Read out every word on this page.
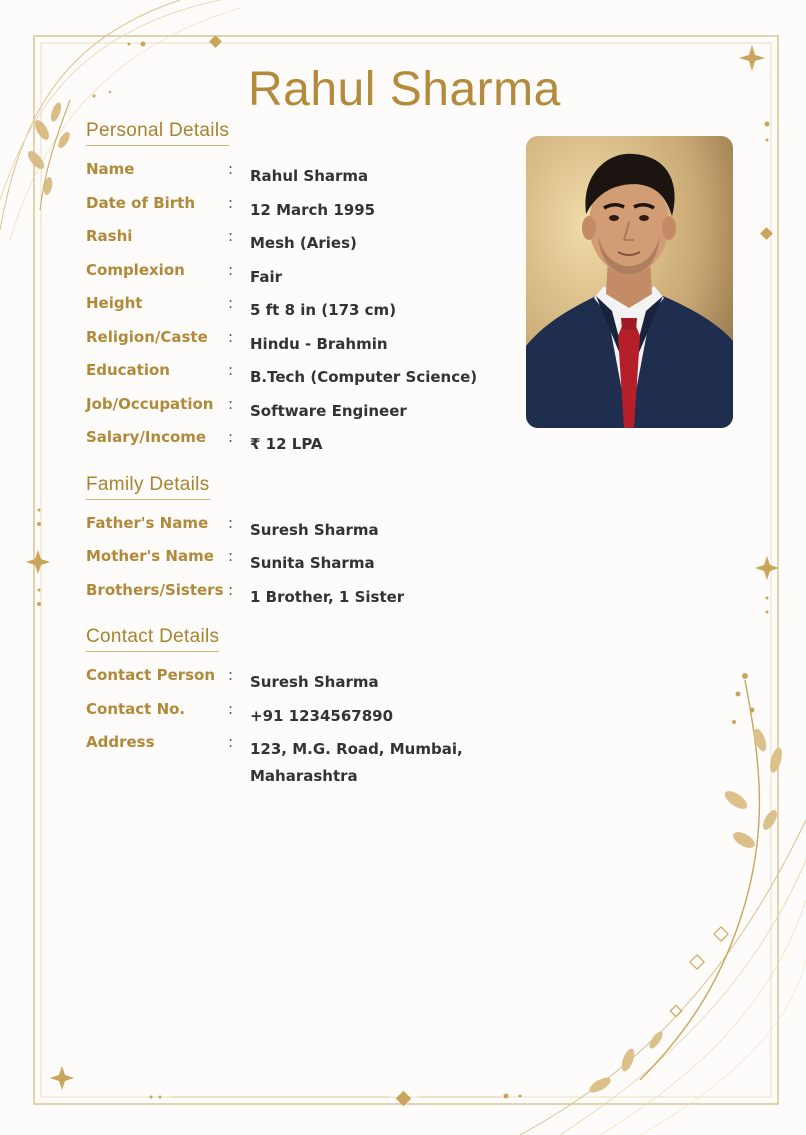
Rahul Sharma
Personal Details
Name	: Rahul Sharma
Date of Birth : 12 March 1995
Rashi	: Mesh (Aries)
Complexion	: Fair
Height	: 5 ft 8 in (173 cm)
Religion/Caste : Hindu - Brahmin
Education	: B.Tech (Computer Science)
Job/Occupation : Software Engineer
Salary/Income : ₹ 12 LPA
Family Details
Father's Name : Suresh Sharma
Mother's Name : Sunita Sharma
Brothers/Sisters : 1 Brother, 1 Sister
Contact Details
Contact Person : Suresh Sharma
Contact No.	: +91 1234567890
Address	: 123, M.G. Road, Mumbai, Maharashtra
